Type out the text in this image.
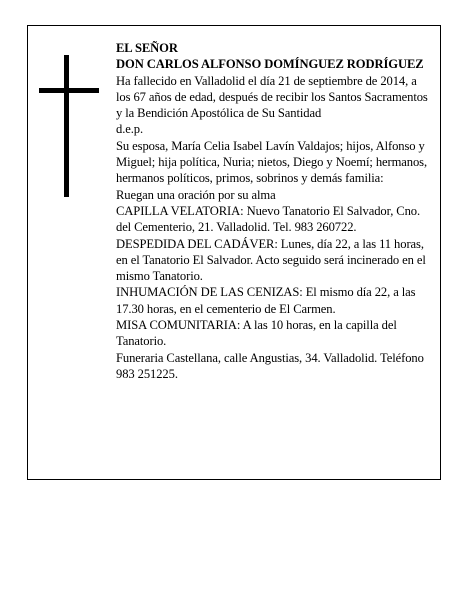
EL SEÑOR

DON CARLOS ALFONSO DOMÍNGUEZ RODRÍGUEZ

Ha fallecido en Valladolid el día 21 de septiembre de 2014, a los 67 años de edad, después de recibir los Santos Sacramentos y la Bendición Apostólica de Su Santidad

d.e.p.

Su esposa, María Celia Isabel Lavín Valdajos; hijos, Alfonso y Miguel; hija política, Nuria; nietos, Diego y Noemí; hermanos, hermanos políticos, primos, sobrinos y demás familia:

Ruegan una oración por su alma

CAPILLA VELATORIA: Nuevo Tanatorio El Salvador, Cno. del Cementerio, 21. Valladolid. Tel. 983 260722.

DESPEDIDA DEL CADÁVER: Lunes, día 22, a las 11 horas, en el Tanatorio El Salvador. Acto seguido será incinerado en el mismo Tanatorio.

INHUMACIÓN DE LAS CENIZAS: El mismo día 22, a las 17.30 horas, en el cementerio de El Carmen.

MISA COMUNITARIA: A las 10 horas, en la capilla del Tanatorio.

Funeraria Castellana, calle Angustias, 34. Valladolid. Teléfono 983 251225.
